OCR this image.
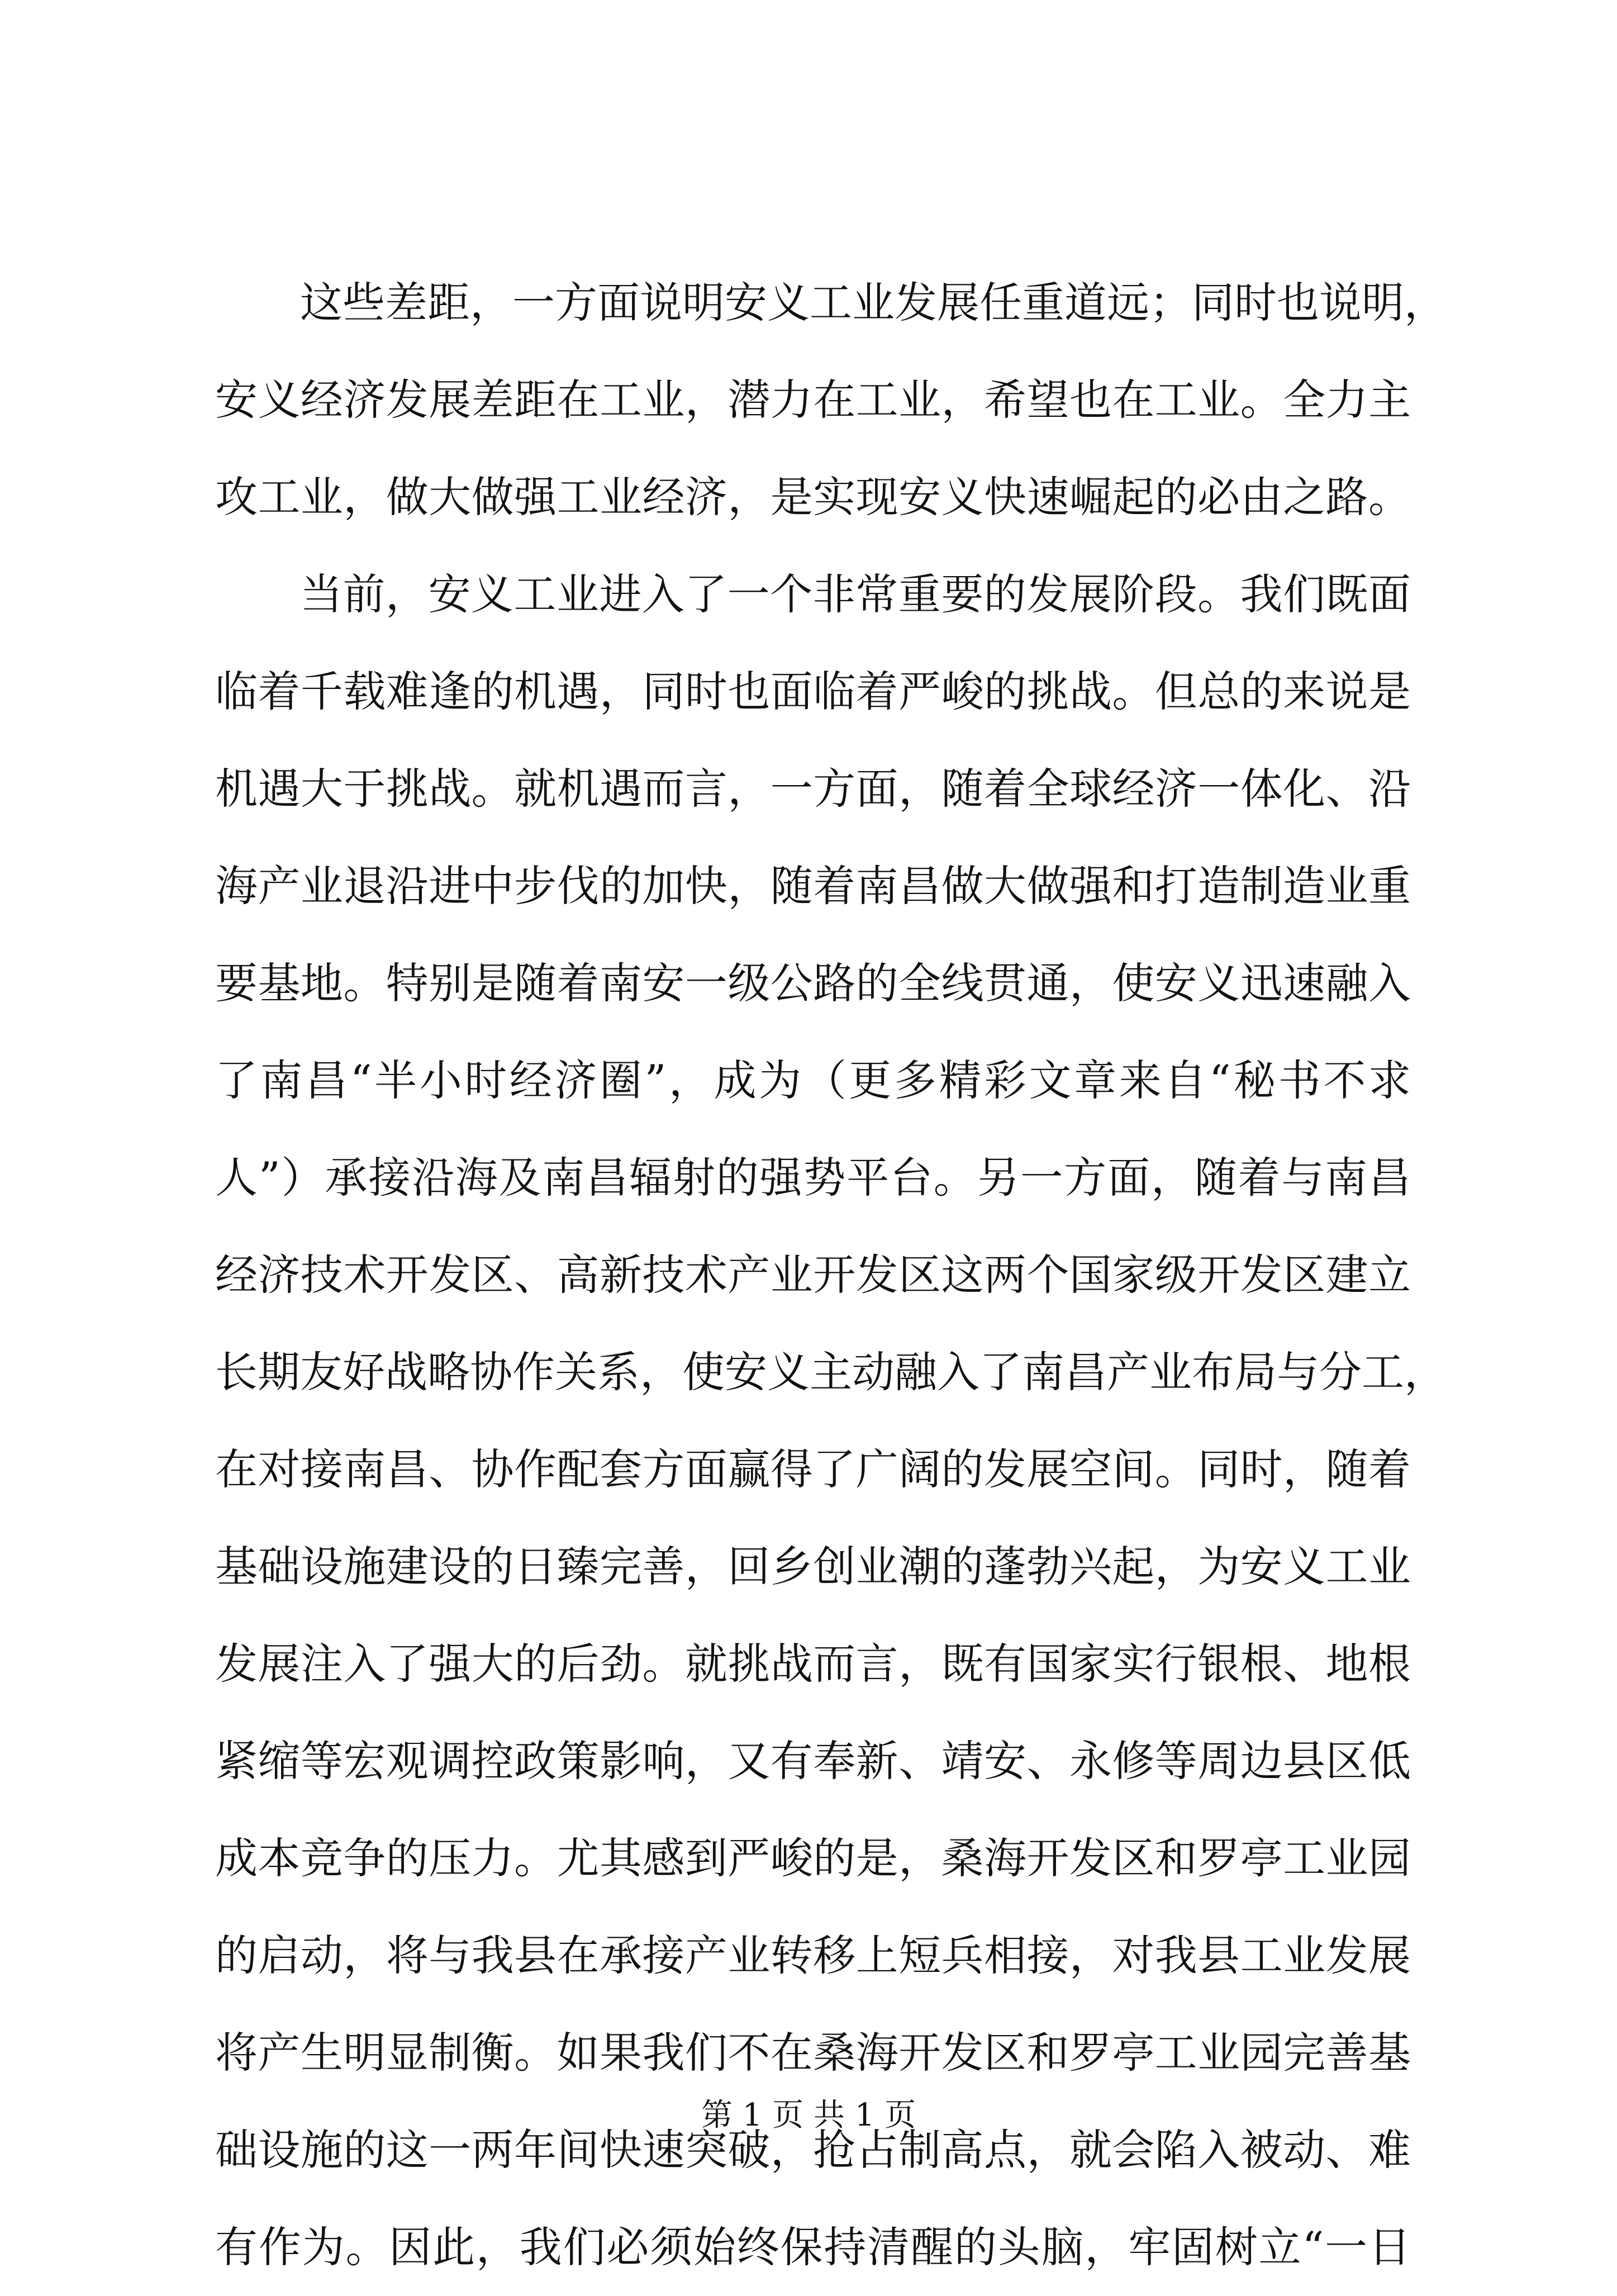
这些差距，一方面说明安义工业发展任重道远；同时也说明，
安义经济发展差距在工业，潜力在工业，希望也在工业。全力主
攻工业，做大做强工业经济，是实现安义快速崛起的必由之路。
当前，安义工业进入了一个非常重要的发展阶段。我们既面
临着千载难逢的机遇，同时也面临着严峻的挑战。但总的来说是
机遇大于挑战。就机遇而言，一方面，随着全球经济一体化、沿
海产业退沿进中步伐的加快，随着南昌做大做强和打造制造业重
要基地。特别是随着南安一级公路的全线贯通，使安义迅速融入
了南昌“半小时经济圈”，成为（更多精彩文章来自“秘书不求
人”）承接沿海及南昌辐射的强势平台。另一方面，随着与南昌
经济技术开发区、高新技术产业开发区这两个国家级开发区建立
长期友好战略协作关系，使安义主动融入了南昌产业布局与分工，
在对接南昌、协作配套方面赢得了广阔的发展空间。同时，随着
基础设施建设的日臻完善，回乡创业潮的蓬勃兴起，为安义工业
发展注入了强大的后劲。就挑战而言，既有国家实行银根、地根
紧缩等宏观调控政策影响，又有奉新、靖安、永修等周边县区低
成本竞争的压力。尤其感到严峻的是，桑海开发区和罗亭工业园
的启动，将与我县在承接产业转移上短兵相接，对我县工业发展
将产生明显制衡。如果我们不在桑海开发区和罗亭工业园完善基
础设施的这一两年间快速突破，抢占制高点，就会陷入被动、难
有作为。因此，我们必须始终保持清醒的头脑，牢固树立“一日
第 1 页 共 1 页
